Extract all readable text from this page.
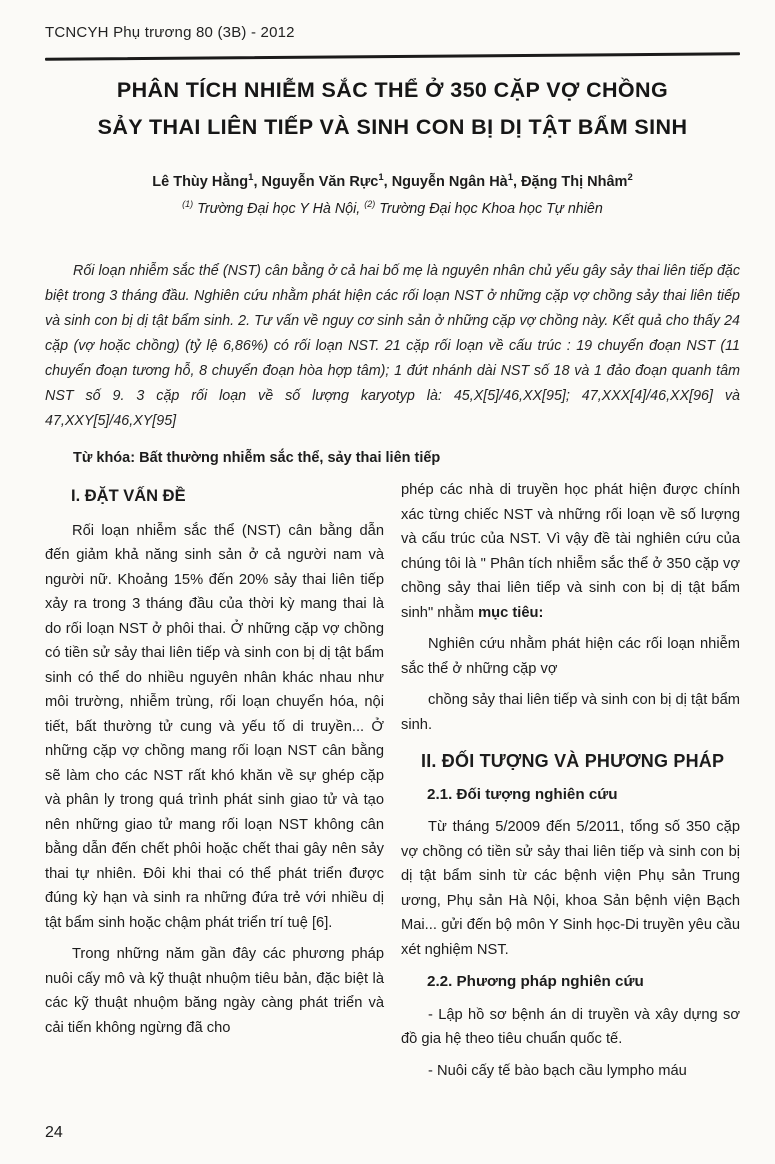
TCNCYH Phụ trương 80 (3B) - 2012
PHÂN TÍCH NHIỄM SẮC THỂ Ở 350 CẶP VỢ CHỒNG
SẢY THAI LIÊN TIẾP VÀ SINH CON BỊ DỊ TẬT BẨM SINH

Lê Thùy Hằng$^1$, Nguyễn Văn Rực$^1$, Nguyễn Ngân $Hà^1$, Đặng Thị Nhâm$^2$

$^{(1)}$ Trường Đại học Y Hà Nội, $^{(2)}$ Trường Đại học Khoa học Tự nhiên

Rối loạn nhiễm sắc thể (NST) cân bằng ở cả hai bố mẹ là nguyên nhân chủ yếu gây sảy thai liên tiếp đặc biệt trong 3 tháng đầu. Nghiên cứu nhằm phát hiện các rối loạn NST ở những cặp vợ chồng sảy thai liên tiếp và sinh con bị dị tật bẩm sinh. 2. Tư vấn về nguy cơ sinh sản ở những cặp vợ chồng này. Kết quả cho thấy 24 cặp (vợ hoặc chồng) (tỷ lệ 6,86%) có rối loạn NST. 21 cặp rối loạn về cấu trúc : 19 chuyển đoạn NST (11 chuyển đoạn tương hỗ, 8 chuyển đoạn hòa hợp tâm); 1 đứt nhánh dài NST số 18 và 1 đảo đoạn quanh tâm NST số 9. 3 cặp rối loạn về số lượng karyotyp là: 45,X[5]/46,XX[95]; 47,XXX[4]/46,XX[96] và 47,XXY[5]/46,XY[95]

Từ khóa: Bất thường nhiễm sắc thể, sảy thai liên tiếp

I. ĐẶT VẤN ĐỀ

Rối loạn nhiễm sắc thể (NST) cân bằng dẫn đến giảm khả năng sinh sản ở cả người nam và người nữ. Khoảng 15% đến 20% sảy thai liên tiếp xảy ra trong 3 tháng đầu của thời kỳ mang thai là do rối loạn NST ở phôi thai. Ở những cặp vợ chồng có tiền sử sảy thai liên tiếp và sinh con bị dị tật bẩm sinh có thể do nhiều nguyên nhân khác nhau như môi trường, nhiễm trùng, rối loạn chuyển hóa, nội tiết, bất thường tử cung và yếu tố di truyền... Ở những cặp vợ chồng mang rối loạn NST cân bằng sẽ làm cho các NST rất khó khăn về sự ghép cặp và phân ly trong quá trình phát sinh giao tử và tạo nên những giao tử mang rối loạn NST không cân bằng dẫn đến chết phôi hoặc chết thai gây nên sảy thai tự nhiên. Đôi khi thai có thể phát triển được đúng kỳ hạn và sinh ra những đứa trẻ với nhiều dị tật bẩm sinh hoặc chậm phát triển trí tuệ [6].

Trong những năm gần đây các phương pháp nuôi cấy mô và kỹ thuật nhuộm tiêu bản, đặc biệt là các kỹ thuật nhuộm băng ngày càng phát triển và cải tiến không ngừng đã cho

phép các nhà di truyền học phát hiện được chính xác từng chiếc NST và những rối loạn về số lượng và cấu trúc của NST. Vì vậy đề tài nghiên cứu của chúng tôi là " Phân tích nhiễm sắc thể ở 350 cặp vợ chồng sảy thai liên tiếp và sinh con bị dị tật bẩm sinh" nhằm mục tiêu:

Nghiên cứu nhằm phát hiện các rối loạn nhiễm sắc thể ở những cặp vợ

chồng sảy thai liên tiếp và sinh con bị dị tật bẩm sinh.

II. ĐỐI TƯỢNG VÀ PHƯƠNG PHÁP
2.1. Đối tượng nghiên cứu

Từ tháng 5/2009 đến 5/2011, tổng số 350 cặp vợ chồng có tiền sử sảy thai liên tiếp và sinh con bị dị tật bẩm sinh từ các bệnh viện Phụ sản Trung ương, Phụ sản Hà Nội, khoa Sản bệnh viện Bạch Mai... gửi đến bộ môn Y Sinh học-Di truyền yêu cầu xét nghiệm NST.

2.2. Phương pháp nghiên cứu

- Lập hồ sơ bệnh án di truyền và xây dựng sơ đồ gia hệ theo tiêu chuẩn quốc tế.

- Nuôi cấy tế bào bạch cầu lympho máu

24
